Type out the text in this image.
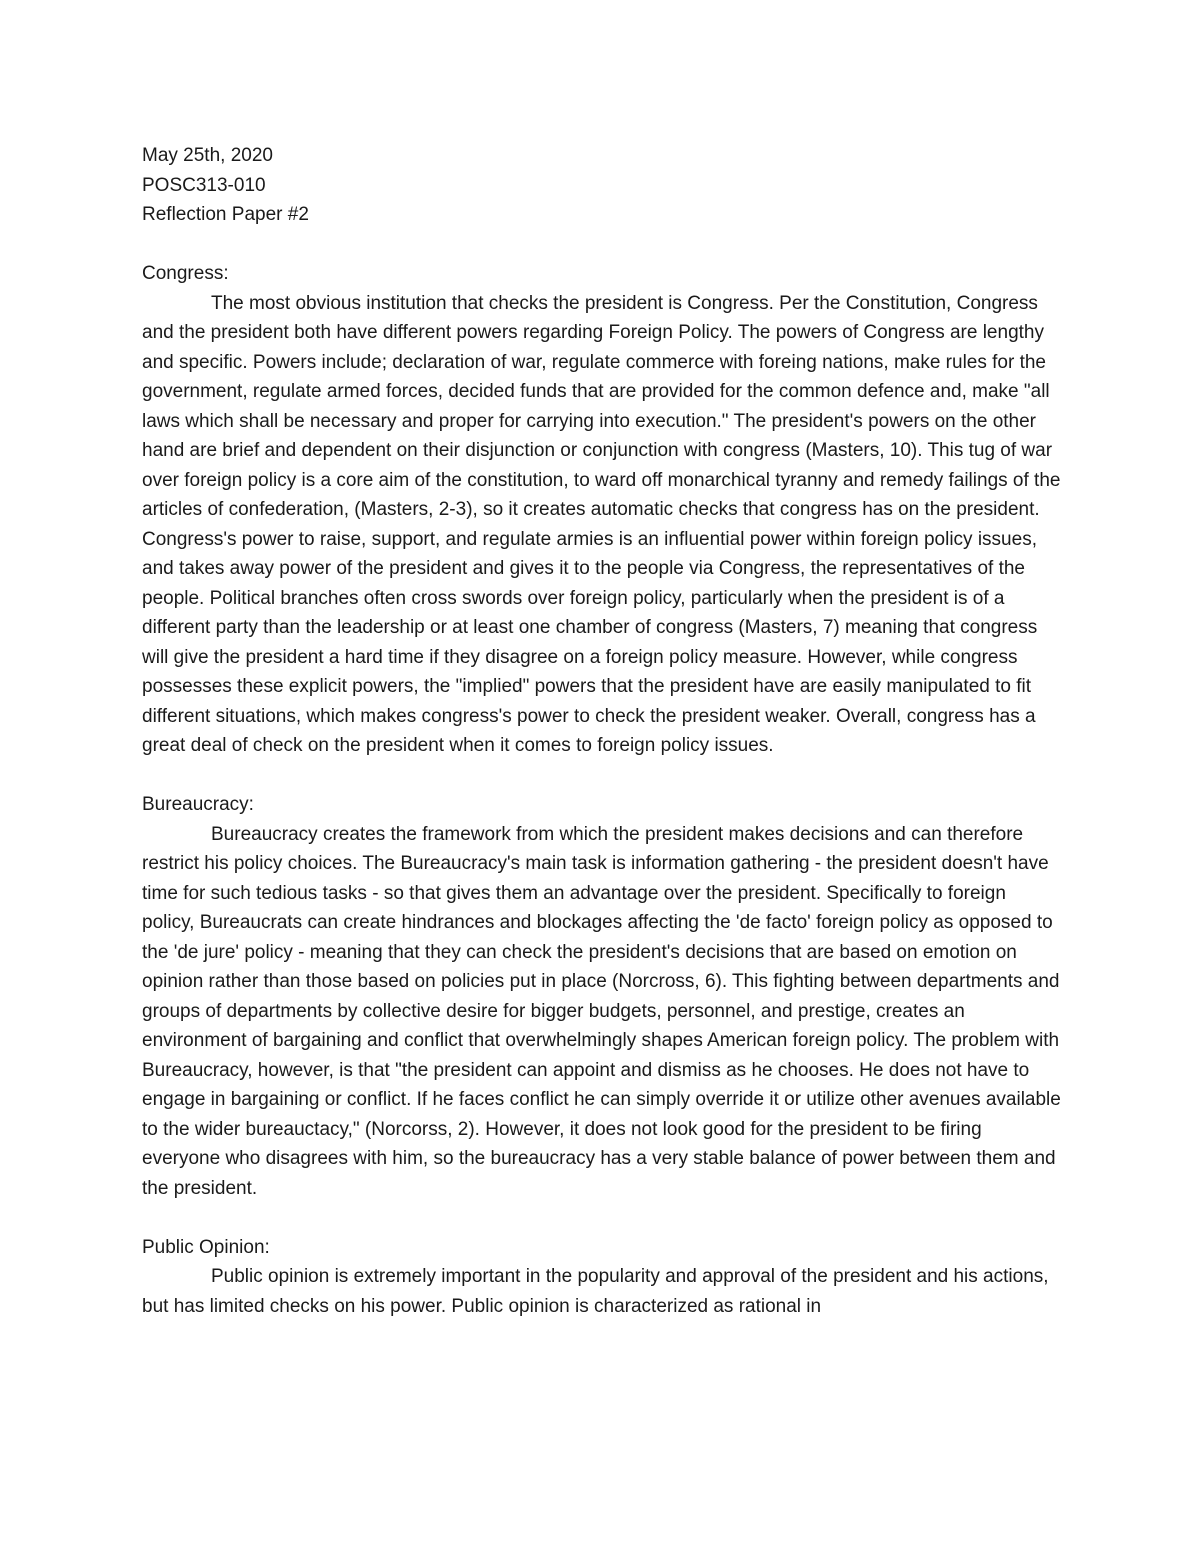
May 25th, 2020
POSC313-010
Reflection Paper #2
Congress:

The most obvious institution that checks the president is Congress. Per the Constitution, Congress and the president both have different powers regarding Foreign Policy. The powers of Congress are lengthy and specific. Powers include; declaration of war, regulate commerce with foreing nations, make rules for the government, regulate armed forces, decided funds that are provided for the common defence and, make "all laws which shall be necessary and proper for carrying into execution." The president's powers on the other hand are brief and dependent on their disjunction or conjunction with congress (Masters, 10). This tug of war over foreign policy is a core aim of the constitution, to ward off monarchical tyranny and remedy failings of the articles of confederation, (Masters, 2-3), so it creates automatic checks that congress has on the president. Congress's power to raise, support, and regulate armies is an influential power within foreign policy issues, and takes away power of the president and gives it to the people via Congress, the representatives of the people. Political branches often cross swords over foreign policy, particularly when the president is of a different party than the leadership or at least one chamber of congress (Masters, 7) meaning that congress will give the president a hard time if they disagree on a foreign policy measure. However, while congress possesses these explicit powers, the "implied" powers that the president have are easily manipulated to fit different situations, which makes congress's power to check the president weaker. Overall, congress has a great deal of check on the president when it comes to foreign policy issues.

Bureaucracy:

Bureaucracy creates the framework from which the president makes decisions and can therefore restrict his policy choices. The Bureaucracy's main task is information gathering - the president doesn't have time for such tedious tasks - so that gives them an advantage over the president. Specifically to foreign policy, Bureaucrats can create hindrances and blockages affecting the 'de facto' foreign policy as opposed to the 'de jure' policy - meaning that they can check the president's decisions that are based on emotion on opinion rather than those based on policies put in place (Norcross, 6). This fighting between departments and groups of departments by collective desire for bigger budgets, personnel, and prestige, creates an environment of bargaining and conflict that overwhelmingly shapes American foreign policy. The problem with Bureaucracy, however, is that "the president can appoint and dismiss as he chooses. He does not have to engage in bargaining or conflict. If he faces conflict he can simply override it or utilize other avenues available to the wider bureauctacy," (Norcorss, 2). However, it does not look good for the president to be firing everyone who disagrees with him, so the bureaucracy has a very stable balance of power between them and the president.

Public Opinion:

Public opinion is extremely important in the popularity and approval of the president and his actions, but has limited checks on his power. Public opinion is characterized as rational in
